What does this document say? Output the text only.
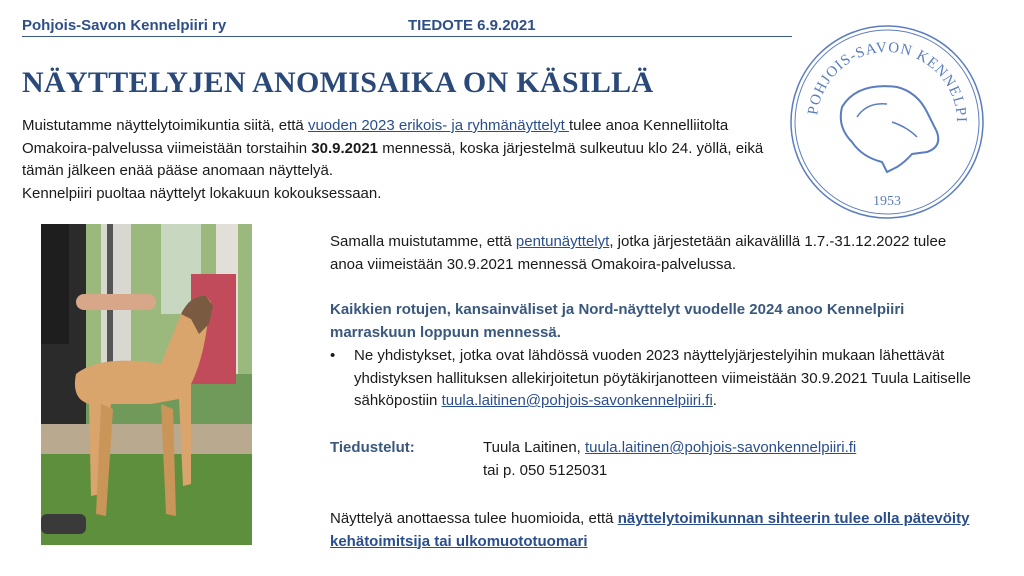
Pohjois-Savon Kennelpiiri ry	TIEDOTE 6.9.2021
NÄYTTELYJEN ANOMISAIKA ON KÄSILLÄ
Muistutamme näyttelytoimikuntia siitä, että vuoden 2023 erikois- ja ryhmänäyttelyt tulee anoa Kennelliitolta Omakoira-palvelussa viimeistään torstaihin 30.9.2021 mennessä, koska järjestelmä sulkeutuu klo 24. yöllä, eikä tämän jälkeen enää pääse anomaan näyttelyä.
Kennelpiiri puoltaa näyttelyt lokakuun kokouksessaan.
POHJOIS-SAVON KENNELPI
1953
Samalla muistutamme, että pentunäyttelyt, jotka järjestetään aikavälillä 1.7.-31.12.2022 tulee anoa viimeistään 30.9.2021 mennessä Omakoira-palvelussa.
Kaikkien rotujen, kansainväliset ja Nord-näyttelyt vuodelle 2024 anoo Kennelpiiri marraskuun loppuun mennessä.
•	Ne yhdistykset, jotka ovat lähdössä vuoden 2023 näyttelyjärjestelyihin mukaan lähettävät yhdistyksen hallituksen allekirjoitetun pöytäkirjanotteen viimeistään 30.9.2021 Tuula Laitiselle sähköpostiin tuula.laitinen@pohjois-savonkennelpiiri.fi.
Tiedustelut:	Tuula Laitinen, tuula.laitinen@pohjois-savonkennelpiiri.fi
tai p. 050 5125031
Näyttelyä anottaessa tulee huomioida, että näyttelytoimikunnan sihteerin tulee olla pätevöity kehätoimitsija tai ulkomuototuomari
